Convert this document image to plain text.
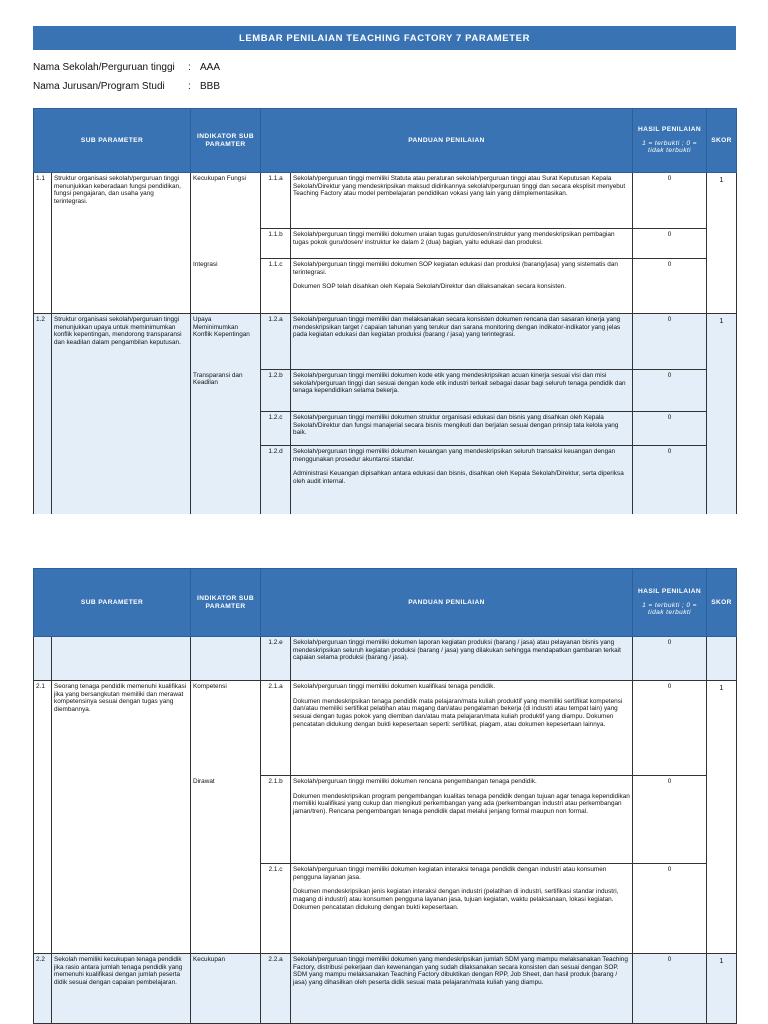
LEMBAR PENILAIAN TEACHING FACTORY 7 PARAMETER
Nama Sekolah/Perguruan tinggi : AAA
Nama Jurusan/Program Studi : BBB
SUB PARAMETER		INDIKATOR SUB PARAMTER	PANDUAN PENILAIAN		HASIL PENILAIAN
1 = terbukti ; 0 = tidak terbukti	SKOR
1.1	Struktur organisasi sekolah/perguruan tinggi menunjukkan keberadaan fungsi pendidikan, fungsi pengajaran, dan usaha yang terintegrasi.	Kecukupan Fungsi	1.1.a	Sekolah/perguruan tinggi memiliki Statuta atau peraturan sekolah/perguruan tinggi atau Surat Keputusan Kepala Sekolah/Direktur yang mendeskripsikan maksud didirikannya sekolah/perguruan tinggi dan secara eksplisit menyebut Teaching Factory atau model pembelajaran pendidikan vokasi yang lain yang diimplementasikan.	0	1
			1.1.b	Sekolah/perguruan tinggi memiliki dokumen uraian tugas guru/dosen/instruktur yang mendeskripsikan pembagian tugas pokok guru/dosen/ instruktur ke dalam 2 (dua) bagian, yaitu edukasi dan produksi.	0	
		Integrasi	1.1.c	Sekolah/perguruan tinggi memiliki dokumen SOP kegiatan edukasi dan produksi (barang/jasa) yang sistematis dan terintegrasi.
Dokumen SOP telah disahkan oleh Kepala Sekolah/Direktur dan dilaksanakan secara konsisten.	0	
1.2	Struktur organisasi sekolah/perguruan tinggi menunjukkan upaya untuk meminimumkan konflik kepentingan, mendorong transparansi dan keadilan dalam pengambilan keputusan.	Upaya Meminimumkan Konflik Kepentingan	1.2.a	Sekolah/perguruan tinggi memiliki dan melaksanakan secara konsisten dokumen rencana dan sasaran kinerja yang mendeskripsikan target / capaian tahunan yang terukur dan sarana monitoring dengan indikator-indikator yang jelas pada kegiatan edukasi dan kegiatan produksi (barang / jasa) yang terintegrasi.	0	1
		Transparansi dan Keadilan	1.2.b	Sekolah/perguruan tinggi memiliki dokumen kode etik yang mendeskripsikan acuan kinerja sesuai visi dan misi sekolah/perguruan tinggi dan sesuai dengan kode etik industri terkait sebagai dasar bagi seluruh tenaga pendidik dan tenaga kependidikan selama bekerja.	0	
			1.2.c	Sekolah/perguruan tinggi memiliki dokumen struktur organisasi edukasi dan bisnis yang disahkan oleh Kepala Sekolah/Direktur dan fungsi manajerial secara bisnis mengikuti dan berjalan sesuai dengan prinsip tata kelola yang baik.	0	
			1.2.d	Sekolah/perguruan tinggi memiliki dokumen keuangan yang mendeskripsikan seluruh transaksi keuangan dengan menggunakan prosedur akuntansi standar.
Administrasi Keuangan dipisahkan antara edukasi dan bisnis, disahkan oleh Kepala Sekolah/Direktur, serta diperiksa oleh audit internal.	0	
SUB PARAMETER		INDIKATOR SUB PARAMTER	PANDUAN PENILAIAN		HASIL PENILAIAN
1 = terbukti ; 0 = tidak terbukti	SKOR
			1.2.e	Sekolah/perguruan tinggi memiliki dokumen laporan kegiatan produksi (barang / jasa) atau pelayanan bisnis yang mendeskripsikan seluruh kegiatan produksi (barang / jasa) yang dilakukan sehingga mendapatkan gambaran terkait capaian selama produksi (barang / jasa).	0	
2.1	Seorang tenaga pendidik memenuhi kualifikasi jika yang bersangkutan memiliki dan merawat kompetensinya sesuai dengan tugas yang diembannya.	Kompetensi	2.1.a	Sekolah/perguruan tinggi memiliki dokumen kualifikasi tenaga pendidik.
Dokumen mendeskripsikan tenaga pendidik mata pelajaran/mata kuliah produktif yang memiliki sertifikat kompetensi dan/atau memiliki sertifikat pelatihan atau magang dan/atau pengalaman bekerja (di industri atau tempat lain) yang sesuai dengan tugas pokok yang diemban dan/atau mata pelajaran/mata kuliah produktif yang diampu. Dokumen pencatatan didukung dengan bukti kepesertaan seperti: sertifikat, piagam, atau dokumen kepesertaan lainnya.	0	1
		Dirawat	2.1.b	Sekolah/perguruan tinggi memiliki dokumen rencana pengembangan tenaga pendidik.
Dokumen mendeskripsikan program pengembangan kualitas tenaga pendidik dengan tujuan agar tenaga kependidikan memiliki kualifikasi yang cukup dan mengikuti perkembangan yang ada (perkembangan industri atau perkembangan jaman/tren). Rencana pengembangan tenaga pendidik dapat melalui jenjang formal maupun non formal.	0	
			2.1.c	Sekolah/perguruan tinggi memiliki dokumen kegiatan interaksi tenaga pendidik dengan industri atau konsumen pengguna layanan jasa.
Dokumen mendeskripsikan jenis kegiatan interaksi dengan industri (pelatihan di industri, sertifikasi standar industri, magang di industri) atau konsumen pengguna layanan jasa, tujuan kegiatan, waktu pelaksanaan, lokasi kegiatan. Dokumen pencatatan didukung dengan bukti kepesertaan.	0	
2.2	Sekolah memiliki kecukupan tenaga pendidik jika rasio antara jumlah tenaga pendidik yang memenuhi kualifikasi dengan jumlah peserta didik sesuai dengan capaian pembelajaran.	Kecukupan	2.2.a	Sekolah/perguruan tinggi memiliki dokumen yang mendeskripsikan jumlah SDM yang mampu melaksanakan Teaching Factory, distribusi pekerjaan dan kewenangan yang sudah dilaksanakan secara konsisten dan sesuai dengan SOP. SDM yang mampu melaksanakan Teaching Factory dibuktikan dengan RPP, Job Sheet, dan hasil produk (barang / jasa) yang dihasilkan oleh peserta didik sesuai mata pelajaran/mata kuliah yang diampu.	0	1
